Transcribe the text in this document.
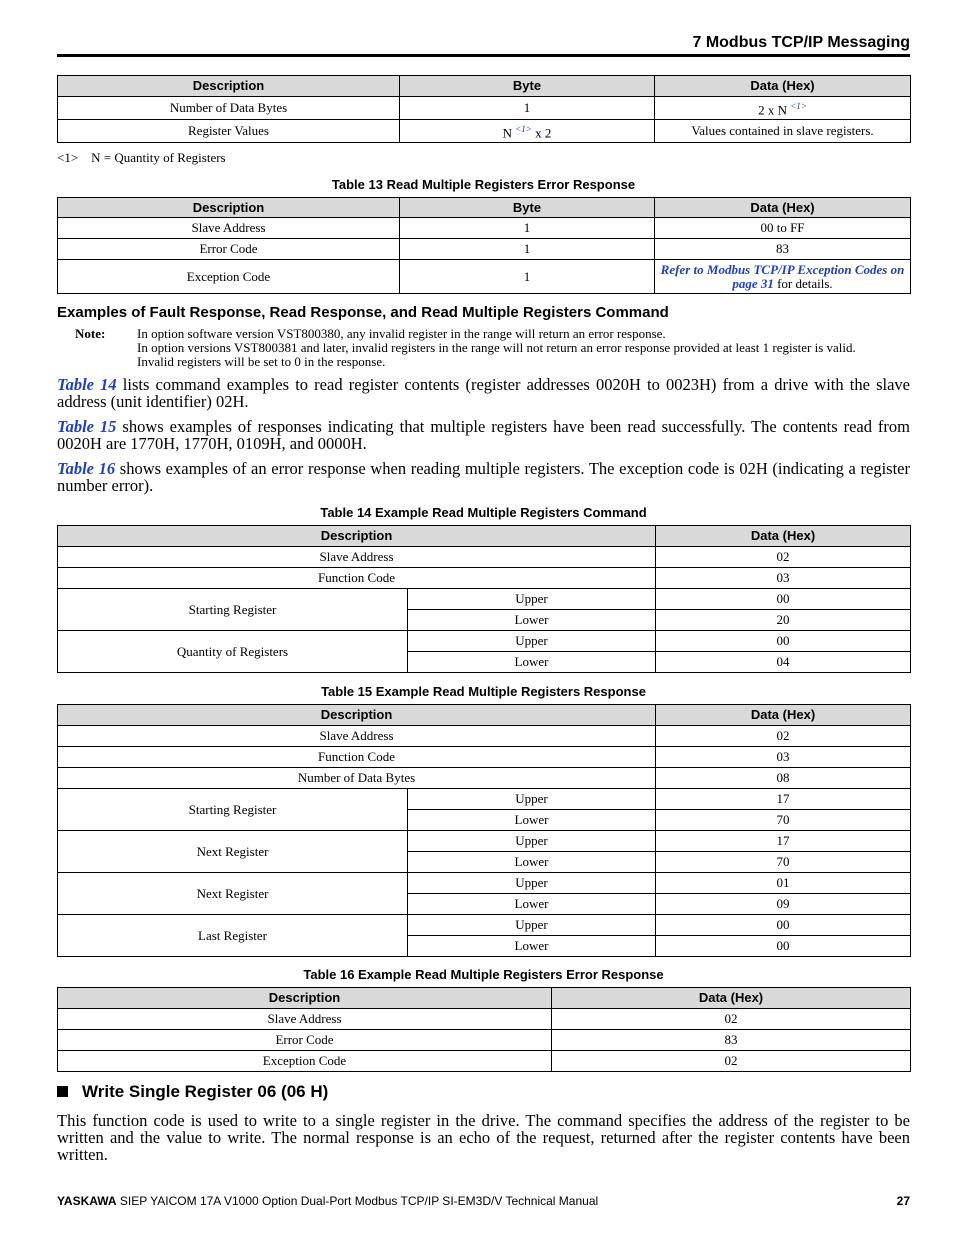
7 Modbus TCP/IP Messaging
Description	Byte	Data (Hex)
Number of Data Bytes	1	2 x N $^{<1>}$
Register Values	N $^{<1>}$ x 2	Values contained in slave registers.
<1> N = Quantity of Registers
Table 13 Read Multiple Registers Error Response
Description	Byte	Data (Hex)
Slave Address	1	00 to FF
Error Code	1	83
Exception Code	1	Refer to Modbus TCP/IP Exception Codes on page 31 for details.
Examples of Fault Response, Read Response, and Read Multiple Registers Command
Note: In option software version VST800380, any invalid register in the range will return an error response.
In option versions VST800381 and later, invalid registers in the range will not return an error response provided at least 1 register is valid.
Invalid registers will be set to 0 in the response.
Table 14 lists command examples to read register contents (register addresses 0020H to 0023H) from a drive with the slave address (unit identifier) 02H.
Table 15 shows examples of responses indicating that multiple registers have been read successfully. The contents read from 0020H are 1770H, 1770H, 0109H, and 0000H.
Table 16 shows examples of an error response when reading multiple registers. The exception code is 02H (indicating a register number error).
Table 14 Example Read Multiple Registers Command
Description		Data (Hex)
Slave Address		02
Function Code		03
Starting Register	Upper	00
	Lower	20
Quantity of Registers	Upper	00
	Lower	04
Table 15 Example Read Multiple Registers Response
Description		Data (Hex)
Slave Address		02
Function Code		03
Number of Data Bytes		08
Starting Register	Upper	17
	Lower	70
Next Register	Upper	17
	Lower	70
Next Register	Upper	01
	Lower	09
Last Register	Upper	00
	Lower	00
Table 16 Example Read Multiple Registers Error Response
Description	Data (Hex)
Slave Address	02
Error Code	83
Exception Code	02
Write Single Register 06 (06 H)
This function code is used to write to a single register in the drive. The command specifies the address of the register to be written and the value to write. The normal response is an echo of the request, returned after the register contents have been written.
YASKAWA SIEP YAICOM 17A V1000 Option Dual-Port Modbus TCP/IP SI-EM3D/V Technical Manual	27
